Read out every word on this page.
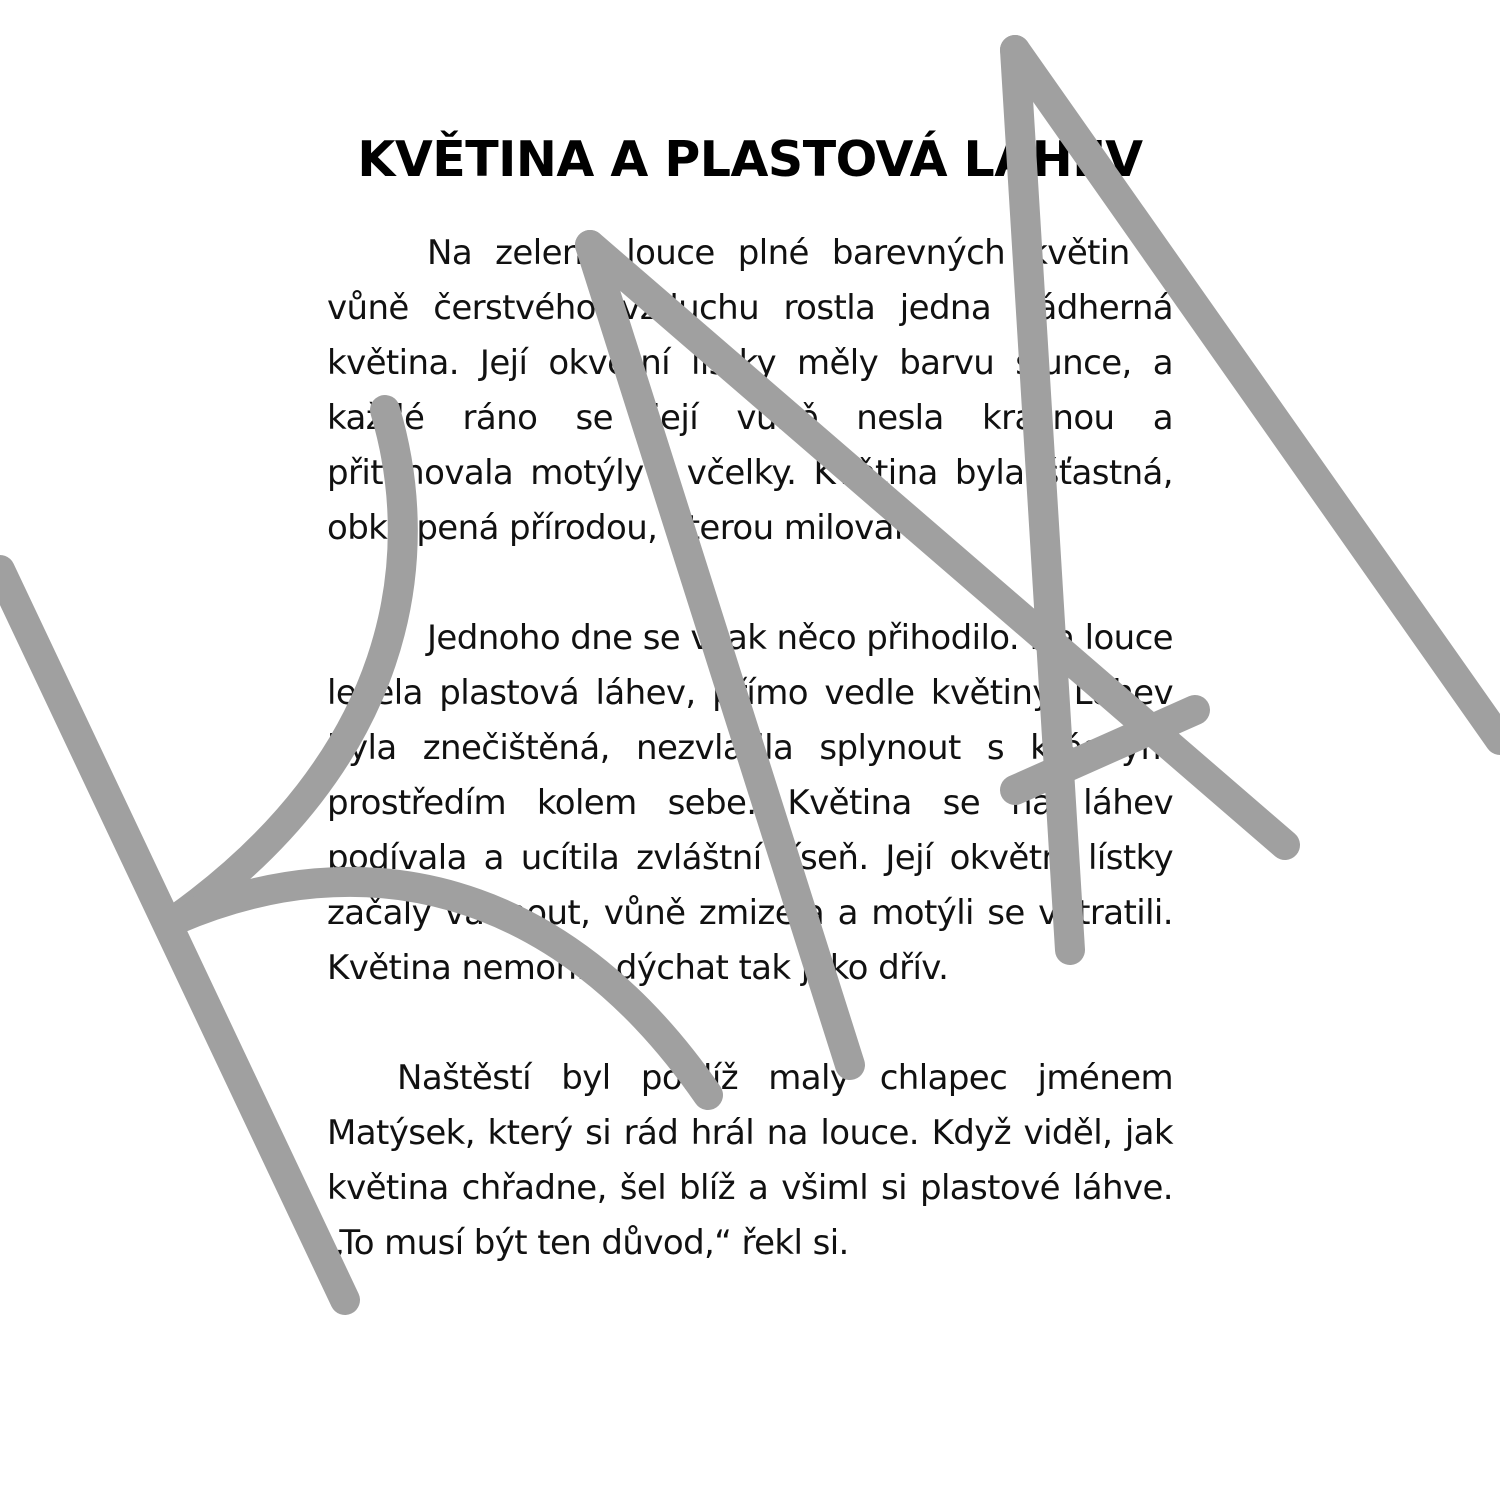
KVĚTINA A PLASTOVÁ LÁHEV

Na zelené louce plné barevných květin a vůně čerstvého vzduchu rostla jedna nádherná květina. Její okvětní lístky měly barvu slunce, a každé ráno se její vůně nesla krajinou a přitahovala motýly i včelky. Květina byla šťastná, obklopená přírodou, kterou milovala.

Jednoho dne se však něco přihodilo. Na louce ležela plastová láhev, přímo vedle květiny. Láhev byla znečištěná, nezvládla splynout s krásným prostředím kolem sebe. Květina se na láhev podívala a ucítila zvláštní tíseň. Její okvětní lístky začaly vadnout, vůně zmizela a motýli se vytratili. Květina nemohla dýchat tak jako dřív.

Naštěstí byl poblíž malý chlapec jménem Matýsek, který si rád hrál na louce. Když viděl, jak květina chřadne, šel blíž a všiml si plastové láhve. „To musí být ten důvod,“ řekl si.
